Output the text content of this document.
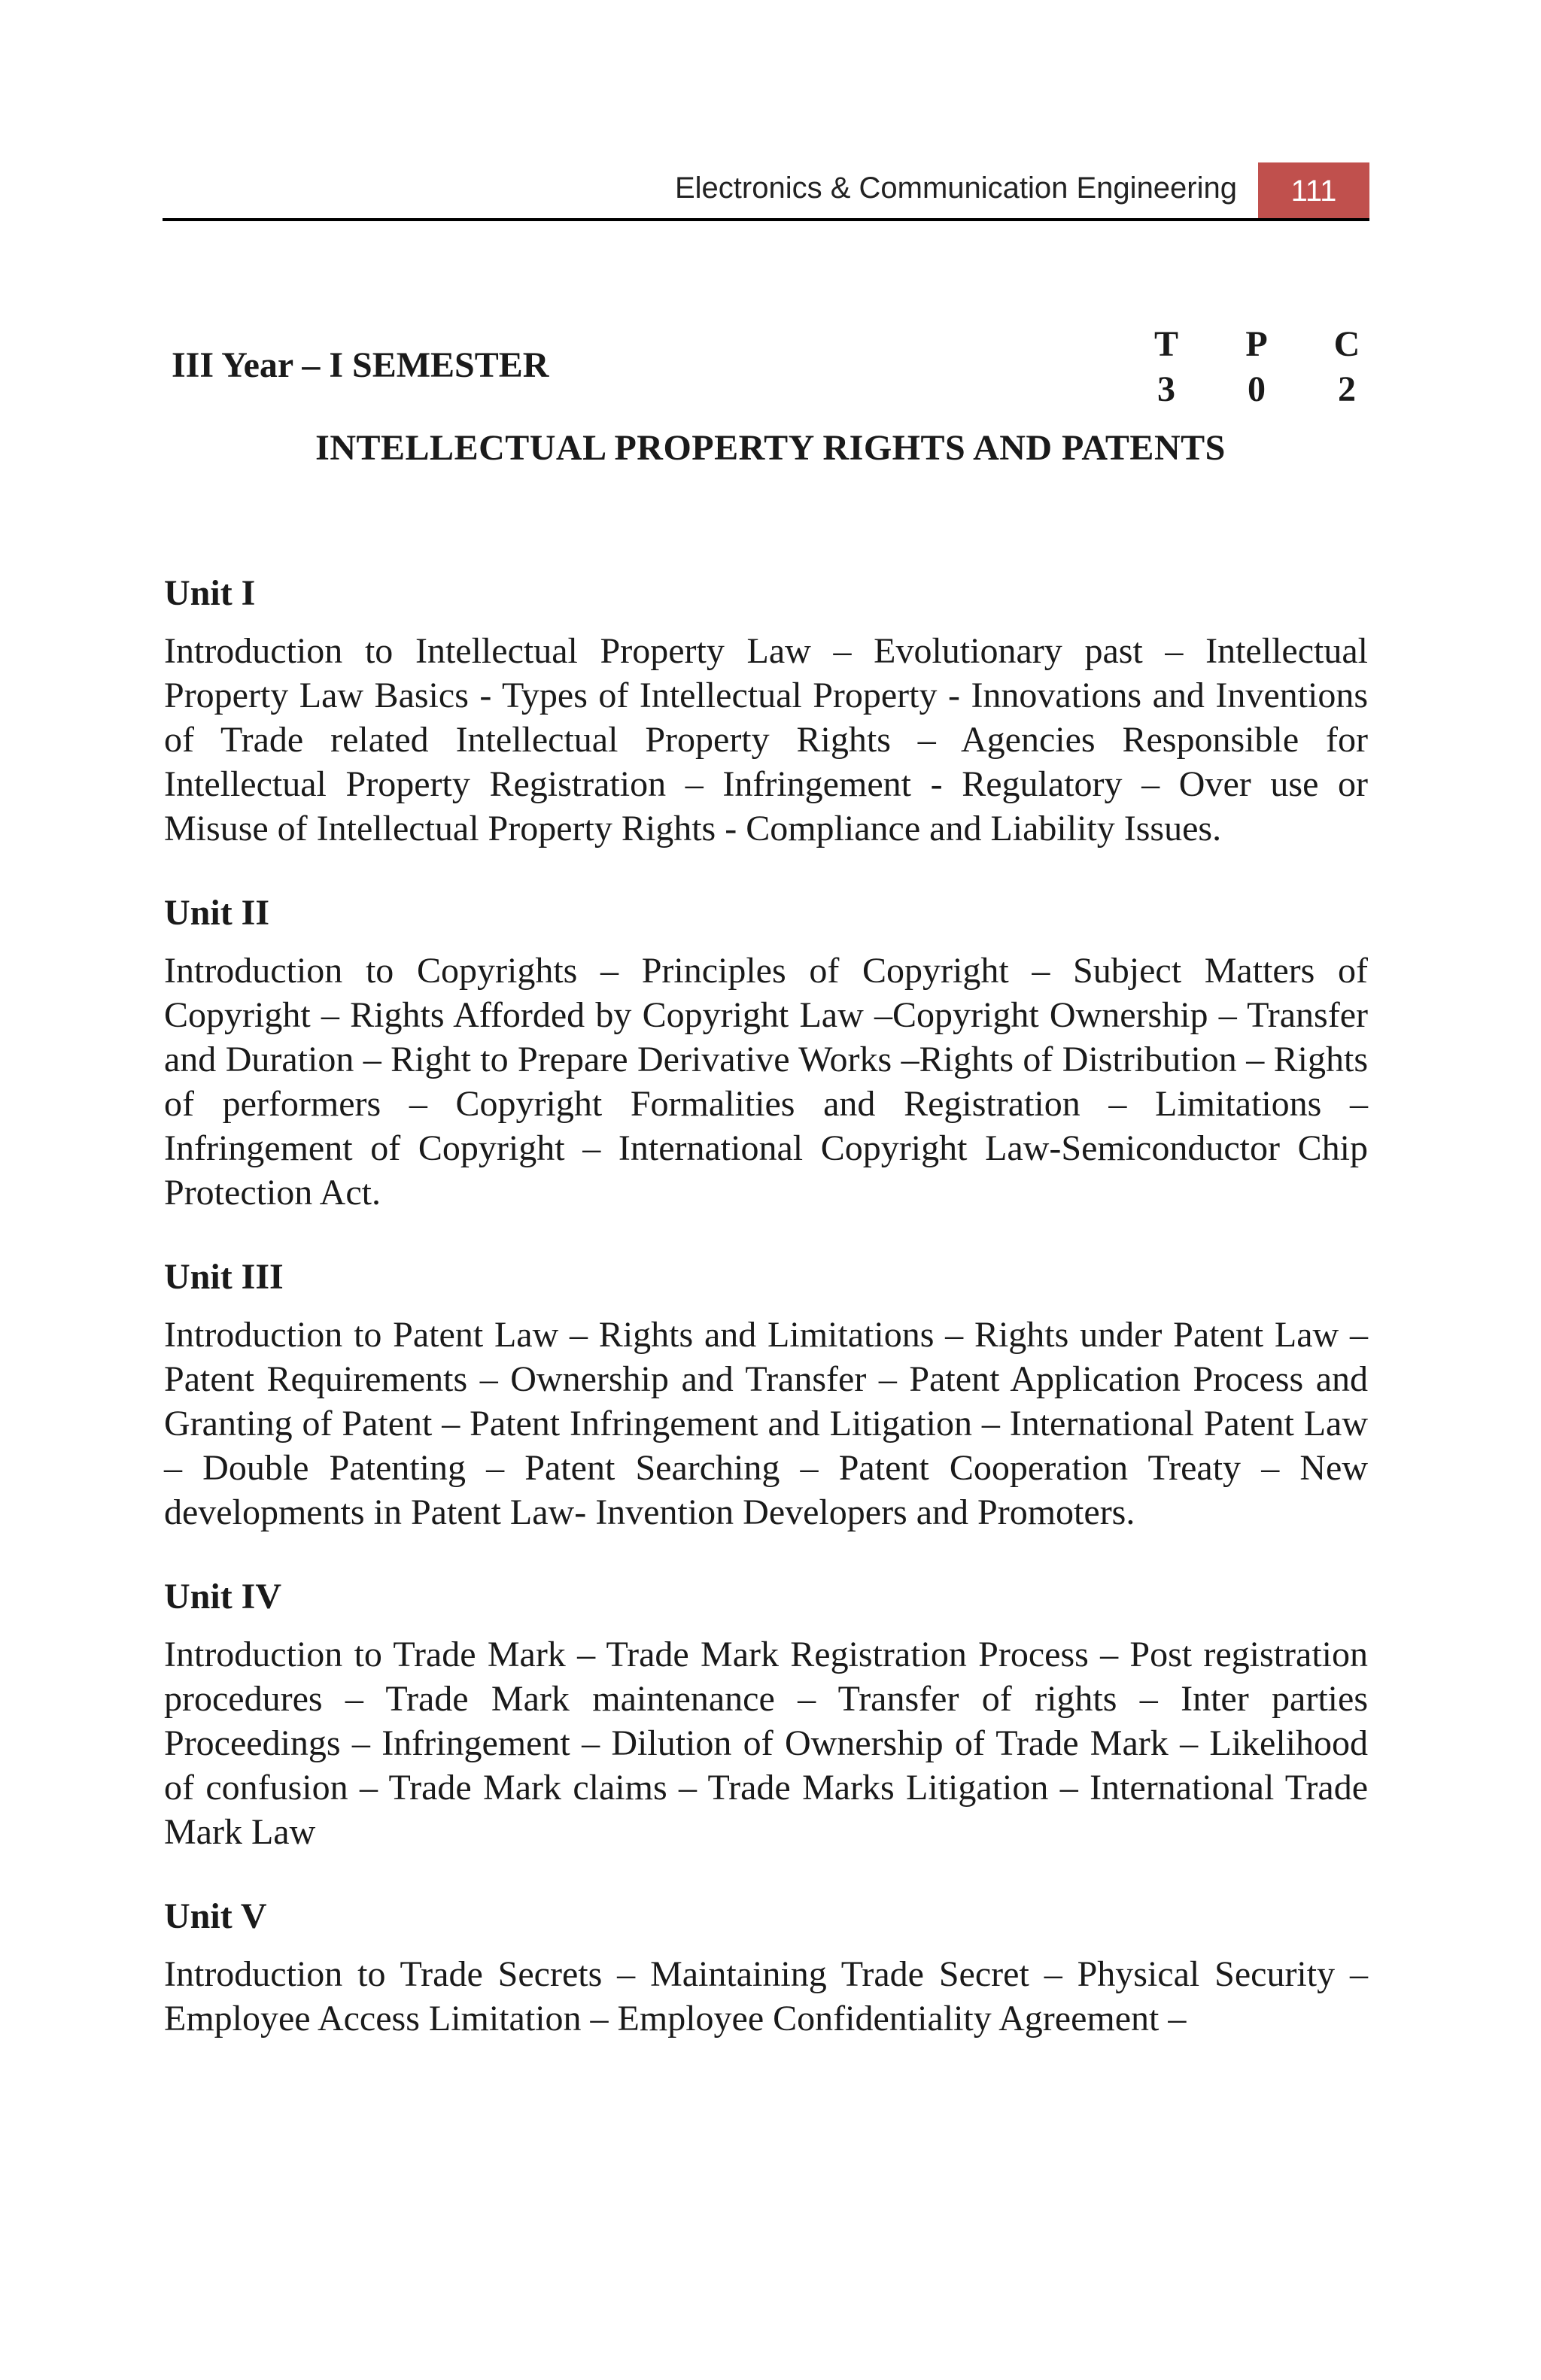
Electronics & Communication Engineering	111
III Year – I SEMESTER
T	P	C
3	0	2
INTELLECTUAL PROPERTY RIGHTS AND PATENTS

Unit I

Introduction to Intellectual Property Law – Evolutionary past – Intellectual Property Law Basics - Types of Intellectual Property - Innovations and Inventions of Trade related Intellectual Property Rights – Agencies Responsible for Intellectual Property Registration – Infringement - Regulatory – Over use or Misuse of Intellectual Property Rights - Compliance and Liability Issues.

Unit II

Introduction to Copyrights – Principles of Copyright – Subject Matters of Copyright – Rights Afforded by Copyright Law –Copyright Ownership – Transfer and Duration – Right to Prepare Derivative Works –Rights of Distribution – Rights of performers – Copyright Formalities and Registration – Limitations – Infringement of Copyright – International Copyright Law-Semiconductor Chip Protection Act.

Unit III

Introduction to Patent Law – Rights and Limitations – Rights under Patent Law – Patent Requirements – Ownership and Transfer – Patent Application Process and Granting of Patent – Patent Infringement and Litigation – International Patent Law – Double Patenting – Patent Searching – Patent Cooperation Treaty – New developments in Patent Law- Invention Developers and Promoters.

Unit IV

Introduction to Trade Mark – Trade Mark Registration Process – Post registration procedures – Trade Mark maintenance – Transfer of rights – Inter parties Proceedings – Infringement – Dilution of Ownership of Trade Mark – Likelihood of confusion – Trade Mark claims – Trade Marks Litigation – International Trade Mark Law

Unit V

Introduction to Trade Secrets – Maintaining Trade Secret – Physical Security – Employee Access Limitation – Employee Confidentiality Agreement –
